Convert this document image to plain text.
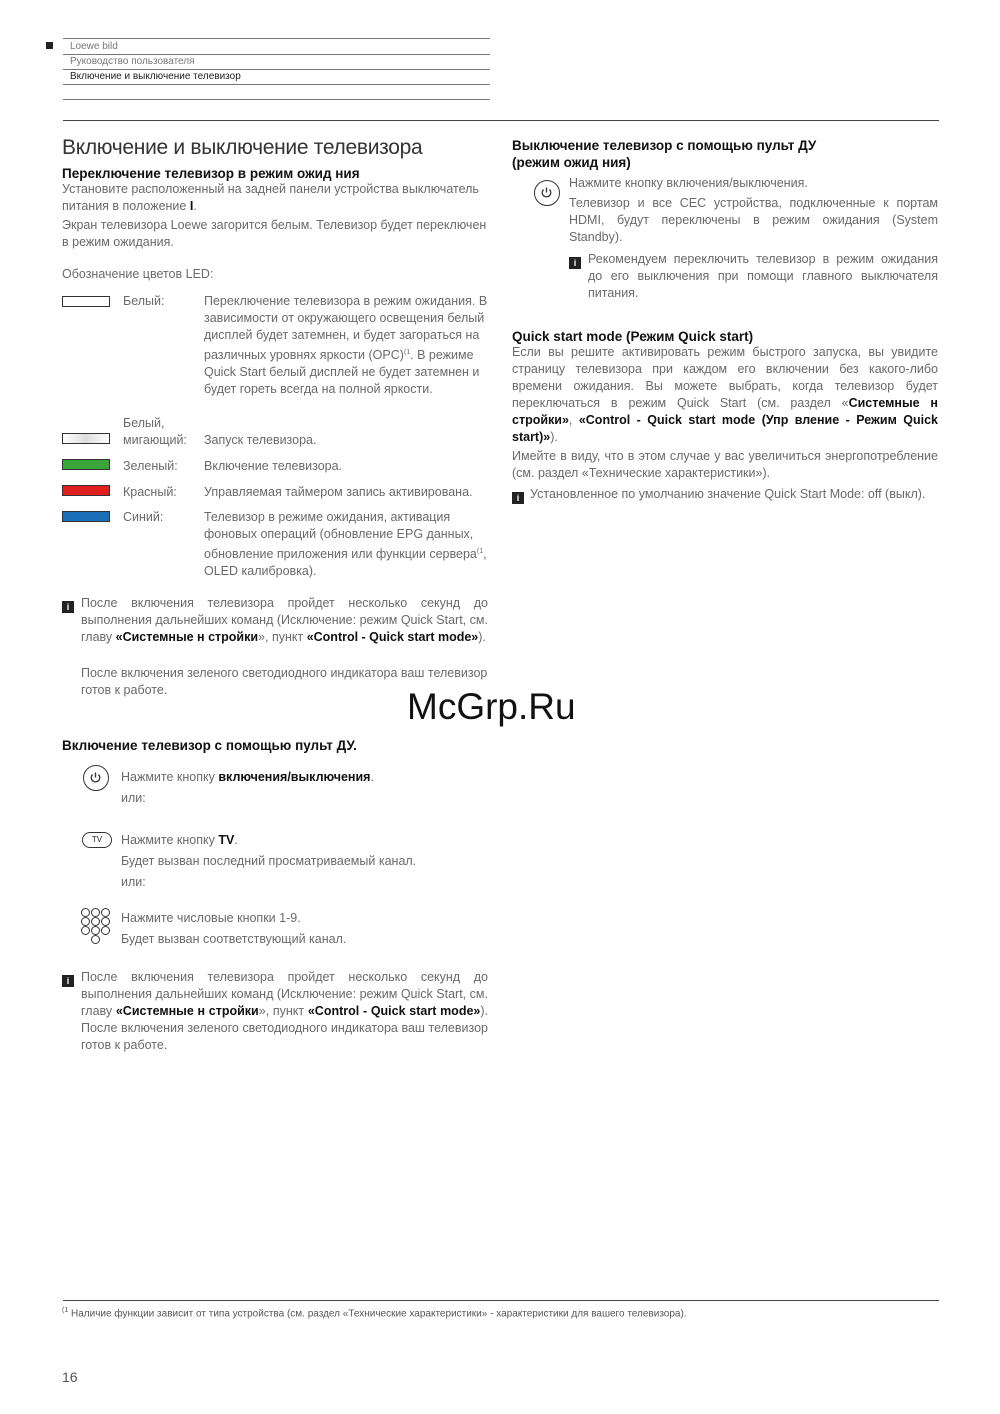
Loewe bild
Руководство пользователя
Включение и выключение телевизор
Включение и выключение телевизора
Переключение телевизор в режим ожид ния
Установите расположенный на задней панели устройства выключатель питания в положение I.
Экран телевизора Loewe загорится белым. Телевизор будет переключен в режим ожидания.
Обозначение цветов LED:
Белый:	Переключение телевизора в режим ожидания. В зависимости от окружающего освещения белый дисплей будет затемнен, и будет загораться на различных уровнях яркости (OPC)$^{(1}$. В режиме Quick Start белый дисплей не будет затемнен и будет гореть всегда на полной яркости.
Белый,
мигающий: Запуск телевизора.
Зеленый: Включение телевизора.
Красный: Управляемая таймером запись активирована.
Синий:	Телевизор в режиме ожидания, активация фоновых операций (обновление EPG данных, обновление приложения или функции сервера$^{(1}$, OLED калибровка).
i После включения телевизора пройдет несколько секунд до выполнения дальнейших команд (Исключение: режим Quick Start, см. главу «Системные н стройки», пункт «Control - Quick start mode»).
После включения зеленого светодиодного индикатора ваш телевизор готов к работе.	McGrp.Ru
Включение телевизор с помощью пульт ДУ.
Нажмите кнопку включения/выключения.
или:
TV	Нажмите кнопку TV.
Будет вызван последний просматриваемый канал.
или:
Нажмите числовые кнопки 1-9.
Будет вызван соответствующий канал.
i После включения телевизора пройдет несколько секунд до выполнения дальнейших команд (Исключение: режим Quick Start, см. главу «Системные н стройки», пункт «Control - Quick start mode»). После включения зеленого светодиодного индикатора ваш телевизор готов к работе.
Выключение телевизор с помощью пульт ДУ
(режим ожид ния)
Нажмите кнопку включения/выключения.
Телевизор и все CEC устройства, подключенные к портам HDMI, будут переключены в режим ожидания (System Standby).
i Рекомендуем переключить телевизор в режим ожидания до его выключения при помощи главного выключателя питания.
Quick start mode (Режим Quick start)
Если вы решите активировать режим быстрого запуска, вы увидите страницу телевизора при каждом его включении без какого-либо времени ожидания. Вы можете выбрать, когда телевизор будет переключаться в режим Quick Start (см. раздел «Системные н стройки», «Control - Quick start mode (Упр вление - Режим Quick start)»).
Имейте в виду, что в этом случае у вас увеличиться энергопотребление (см. раздел «Технические характеристики»).
i Установленное по умолчанию значение Quick Start Mode: off (выкл).
$^{(1}$ Наличие функции зависит от типа устройства (см. раздел «Технические характеристики» - характеристики для вашего телевизора).
16
